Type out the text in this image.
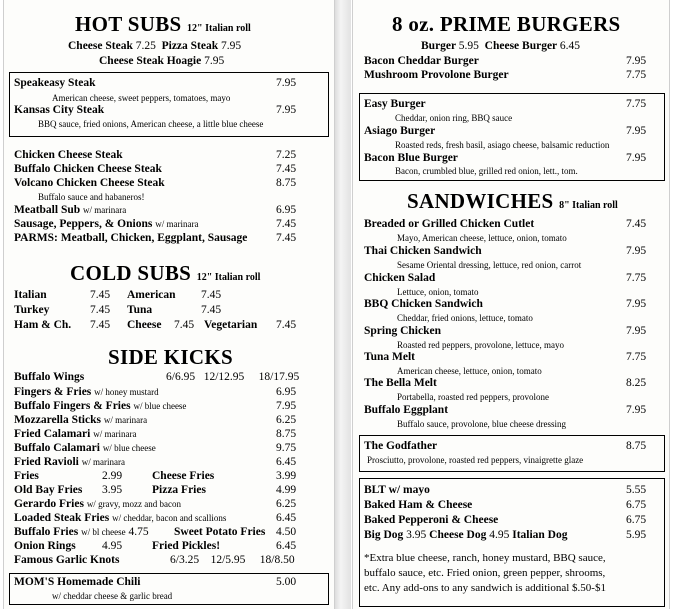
HOT SUBS 12" Italian roll
Cheese Steak 7.25 Pizza Steak 7.95
Cheese Steak Hoagie 7.95
Speakeasy Steak	7.95
American cheese, sweet peppers, tomatoes, mayo
Kansas City Steak	7.95
BBQ sauce, fried onions, American cheese, a little blue cheese
Chicken Cheese Steak	7.25
Buffalo Chicken Cheese Steak	7.45
Volcano Chicken Cheese Steak	8.75
Buffalo sauce and habaneros!
Meatball Sub w/ marinara	6.95
Sausage, Peppers, & Onions w/ marinara	7.45
PARMS: Meatball, Chicken, Eggplant, Sausage 7.45
COLD SUBS 12" Italian roll
Italian	7.45 American 7.45
Turkey	7.45 Tuna	7.45
Ham & Ch. 7.45 Cheese 7.45 Vegetarian 7.45
SIDE KICKS
Buffalo Wings	6/6.95   12/12.95     18/17.95
Fingers & Fries w/ honey mustard	6.95
Buffalo Fingers & Fries w/ blue cheese	7.95
Mozzarella Sticks w/ marinara	6.25
Fried Calamari w/ marinara	8.75
Buffalo Calamari w/ blue cheese	9.75
Fried Ravioli w/ marinara	6.45
Fries	2.99	Cheese Fries	3.99
Old Bay Fries 3.95	Pizza Fries	4.99
Gerardo Fries w/ gravy, mozz and bacon	6.25
Loaded Steak Fries w/ cheddar, bacon and scallions	6.45
Buffalo Fries w/ bl cheese 4.75 Sweet Potato Fries 4.50
Onion Rings 4.95	Fried Pickles!	6.45
Famous Garlic Knots	6/3.25    12/5.95     18/8.50
MOM'S Homemade Chili	5.00
w/ cheddar cheese & garlic bread
8 oz. PRIME BURGERS
Burger 5.95 Cheese Burger 6.45
Bacon Cheddar Burger	7.95
Mushroom Provolone Burger	7.75
Easy Burger	7.75
Cheddar, onion ring, BBQ sauce
Asiago Burger	7.95
Roasted reds, fresh basil, asiago cheese, balsamic reduction
Bacon Blue Burger	7.95
Bacon, crumbled blue, grilled red onion, lett., tom.
SANDWICHES 8" Italian roll
Breaded or Grilled Chicken Cutlet	7.45
Mayo, American cheese, lettuce, onion, tomato
Thai Chicken Sandwich	7.95
Sesame Oriental dressing, lettuce, red onion, carrot
Chicken Salad	7.75
Lettuce, onion, tomato
BBQ Chicken Sandwich	7.95
Cheddar, fried onions, lettuce, tomato
Spring Chicken	7.95
Roasted red peppers, provolone, lettuce, mayo
Tuna Melt	7.75
American cheese, lettuce, onion, tomato
The Bella Melt	8.25
Portabella, roasted red peppers, provolone
Buffalo Eggplant	7.95
Buffalo sauce, provolone, blue cheese dressing
The Godfather	8.75
Prosciutto, provolone, roasted red peppers, vinaigrette glaze
BLT w/ mayo	5.55
Baked Ham & Cheese	6.75
Baked Pepperoni & Cheese	6.75
Big Dog 3.95 Cheese Dog 4.95 Italian Dog	5.95
*Extra blue cheese, ranch, honey mustard, BBQ sauce,
buffalo sauce, etc. Fried onion, green pepper, shrooms,
etc. Any add-ons to any sandwich is additional $.50-$1
